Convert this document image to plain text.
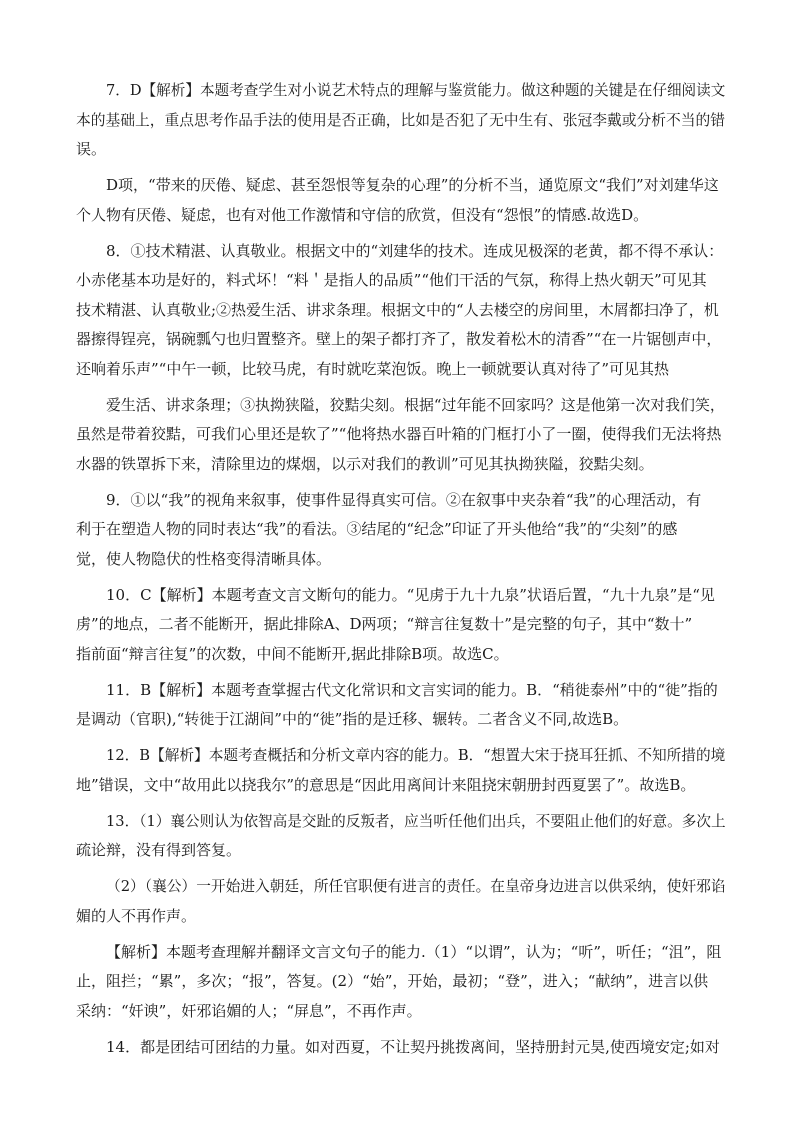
7．D【解析】本题考查学生对小说艺术特点的理解与鉴赏能力。做这种题的关键是在仔细阅读文
本的基础上，重点思考作品手法的使用是否正确，比如是否犯了无中生有、张冠李戴或分析不当的错
误。

D项，“带来的厌倦、疑虑、甚至怨恨等复杂的心理”的分析不当，通览原文“我们”对刘建华这
个人物有厌倦、疑虑，也有对他工作激情和守信的欣赏，但没有“怨恨”的情感.故选D。

8．①技术精湛、认真敬业。根据文中的“刘建华的技术。连成见极深的老黄，都不得不承认：
小赤佬基本功是好的，料式坏！“料＇是指人的品质”“他们干活的气氛，称得上热火朝天”可见其
技术精湛、认真敬业;②热爱生活、讲求条理。根据文中的“人去楼空的房间里，木屑都扫净了，机
器擦得锃亮，锅碗瓢勺也归置整齐。壁上的架子都打齐了，散发着松木的清香”“在一片锯刨声中，
还响着乐声”“中午一顿，比较马虎，有时就吃菜泡饭。晚上一顿就要认真对待了”可见其热

爱生活、讲求条理；③执拗狭隘，狡黠尖刻。根据“过年能不回家吗？这是他第一次对我们笑，
虽然是带着狡黠，可我们心里还是软了”“他将热水器百叶箱的门框打小了一圈，使得我们无法将热
水器的铁罩拆下来，清除里边的煤烟，以示对我们的教训”可见其执拗狭隘，狡黠尖刻。

9．①以“我”的视角来叙事，使事件显得真实可信。②在叙事中夹杂着“我”的心理活动，有
利于在塑造人物的同时表达“我”的看法。③结尾的“纪念”印证了开头他给“我”的“尖刻”的感
觉，使人物隐伏的性格变得清晰具体。

10．C【解析】本题考查文言文断句的能力。“见虏于九十九泉”状语后置，“九十九泉”是“见
虏”的地点，二者不能断开，据此排除A、D两项；“辩言往复数十”是完整的句子，其中“数十”
指前面“辩言往复”的次数，中间不能断开,据此排除B项。故选C。

11．B【解析】本题考查掌握古代文化常识和文言实词的能力。B．“稍徙泰州”中的“徙”指的
是调动（官职),“转徙于江湖间”中的“徙”指的是迁移、辗转。二者含义不同,故选B。

12．B【解析】本题考查概括和分析文章内容的能力。B．“想置大宋于挠耳狂抓、不知所措的境
地”错误，文中“故用此以挠我尔”的意思是“因此用离间计来阻挠宋朝册封西夏罢了”。故选B。

13．（1）襄公则认为依智高是交趾的反叛者，应当听任他们出兵，不要阻止他们的好意。多次上
疏论辩，没有得到答复。

（2）（襄公）一开始进入朝廷，所任官职便有进言的责任。在皇帝身边进言以供采纳，使奸邪谄
媚的人不再作声。

【解析】本题考查理解并翻译文言文句子的能力.（1）“以谓”，认为；“听”，听任；“沮”，阻
止，阻拦；“累”，多次；“报”，答复。(2）“始”，开始，最初；“登”，进入；“献纳”，进言以供
采纳：“奸谀”，奸邪谄媚的人；“屏息”，不再作声。

14．都是团结可团结的力量。如对西夏，不让契丹挑拨离间，坚持册封元昊,使西境安定;如对
